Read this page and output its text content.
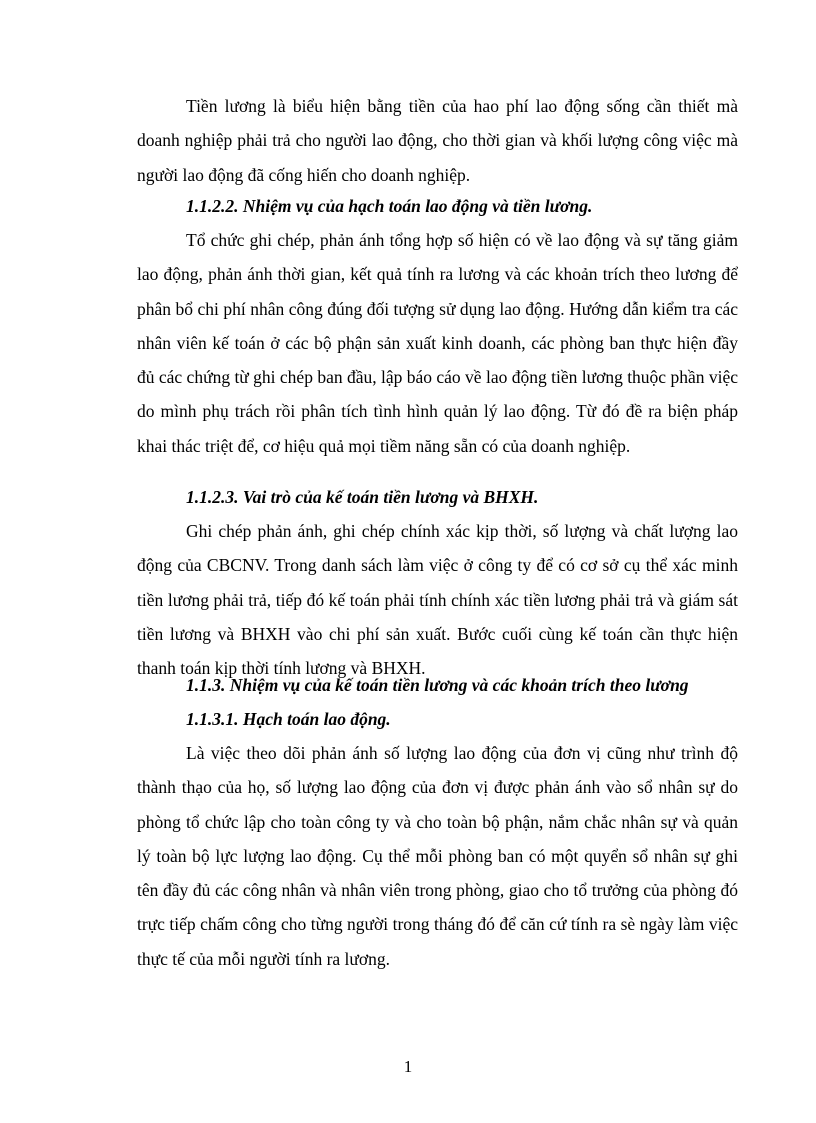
Tiền lương là biểu hiện bằng tiền của hao phí lao động sống cần thiết mà doanh nghiệp phải trả cho người lao động, cho thời gian và khối lượng công việc mà người lao động đã cống hiến cho doanh nghiệp.

1.1.2.2. Nhiệm vụ của hạch toán lao động và tiền lương.

Tổ chức ghi chép, phản ánh tổng hợp số hiện có về lao động và sự tăng giảm lao động, phản ánh thời gian, kết quả tính ra lương và các khoản trích theo lương để phân bổ chi phí nhân công đúng đối tượng sử dụng lao động. Hướng dẫn kiểm tra các nhân viên kế toán ở các bộ phận sản xuất kinh doanh, các phòng ban thực hiện đầy đủ các chứng từ ghi chép ban đầu, lập báo cáo về lao động tiền lương thuộc phần việc do mình phụ trách rồi phân tích tình hình quản lý lao động. Từ đó đề ra biện pháp khai thác triệt để, cơ hiệu quả mọi tiềm năng sẵn có của doanh nghiệp.

1.1.2.3. Vai trò của kế toán tiền lương và BHXH.

Ghi chép phản ánh, ghi chép chính xác kịp thời, số lượng và chất lượng lao động của CBCNV. Trong danh sách làm việc ở công ty để có cơ sở cụ thể xác minh tiền lương phải trả, tiếp đó kế toán phải tính chính xác tiền lương phải trả và giám sát tiền lương và BHXH vào chi phí sản xuất. Bước cuối cùng kế toán cần thực hiện thanh toán kịp thời tính lương và BHXH.

1.1.3. Nhiệm vụ của kế toán tiền lương và các khoản trích theo lương

1.1.3.1. Hạch toán lao động.

Là việc theo dõi phản ánh số lượng lao động của đơn vị cũng như trình độ thành thạo của họ, số lượng lao động của đơn vị được phản ánh vào sổ nhân sự do phòng tổ chức lập cho toàn công ty và cho toàn bộ phận, nắm chắc nhân sự và quản lý toàn bộ lực lượng lao động. Cụ thể mỗi phòng ban có một quyển sổ nhân sự ghi tên đầy đủ các công nhân và nhân viên trong phòng, giao cho tổ trưởng của phòng đó trực tiếp chấm công cho từng người trong tháng đó để căn cứ tính ra sè ngày làm việc thực tế của mỗi người tính ra lương.

1
